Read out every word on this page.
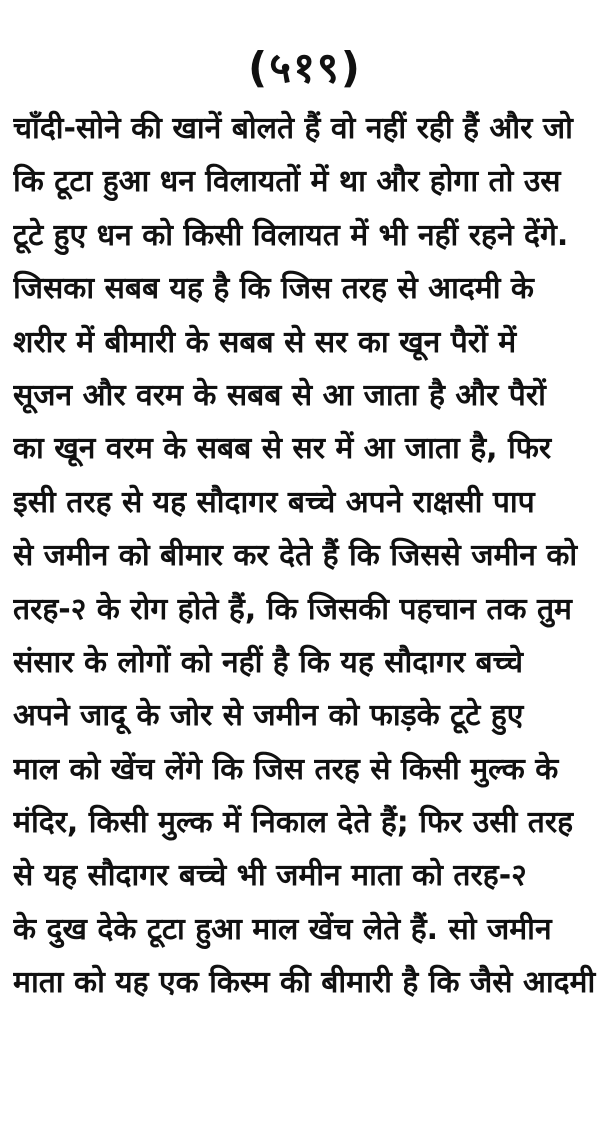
(५१९)
चाँदी-सोने की खानें बोलते हैं वो नहीं रही हैं और जो
कि टूटा हुआ धन विलायतों में था और होगा तो उस
टूटे हुए धन को किसी विलायत में भी नहीं रहने देंगे.
जिसका सबब यह है कि जिस तरह से आदमी के
शरीर में बीमारी के सबब से सर का खून पैरों में
सूजन और वरम के सबब से आ जाता है और पैरों
का खून वरम के सबब से सर में आ जाता है, फिर
इसी तरह से यह सौदागर बच्चे अपने राक्षसी पाप
से जमीन को बीमार कर देते हैं कि जिससे जमीन को
तरह-२ के रोग होते हैं, कि जिसकी पहचान तक तुम
संसार के लोगों को नहीं है कि यह सौदागर बच्चे
अपने जादू के जोर से जमीन को फाड़के टूटे हुए
माल को खेंच लेंगे कि जिस तरह से किसी मुल्क के
मंदिर, किसी मुल्क में निकाल देते हैं; फिर उसी तरह
से यह सौदागर बच्चे भी जमीन माता को तरह-२
के दुख देके टूटा हुआ माल खेंच लेते हैं. सो जमीन
माता को यह एक किस्म की बीमारी है कि जैसे आदमी
